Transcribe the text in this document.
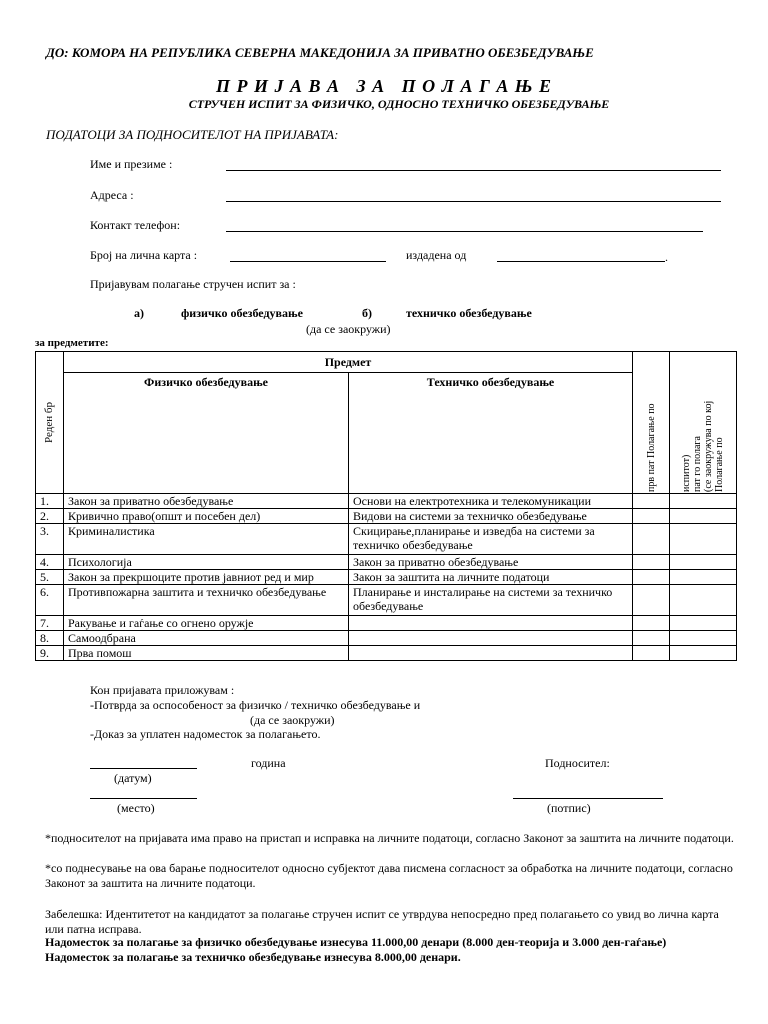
ДО: КОМОРА НА РЕПУБЛИКА СЕВЕРНА МАКЕДОНИЈА ЗА ПРИВАТНО ОБЕЗБЕДУВАЊЕ
П Р И Ј А В А   З А   П О Л А Г А Њ Е
СТРУЧЕН ИСПИТ ЗА ФИЗИЧКО, ОДНОСНО ТЕХНИЧКО ОБЕЗБЕДУВАЊЕ
ПОДАТОЦИ ЗА ПОДНОСИТЕЛОТ НА ПРИЈАВАТА:
Име и презиме :
Адреса :
Контакт телефон:
Број на лична карта :	издадена од	.
Пријавувам полагање стручен испит за :
а)	физичко обезбедување	б)	техничко обезбедување
(да се заокружи)
за предметите:
Реден бр	Предмет		прв пат Полагање по	испитот) пат го полага (се заокружува по кој Полагање по

	Физичко обезбедување	Техничко обезбедување		
1.	Закон за приватно обезбедување	Основи на електротехника и телекомуникации		
2.	Кривично право(општ и посебен дел)	Видови на системи за техничко обезбедување		
3.	Криминалистика	Скицирање,планирање и изведба на системи за техничко обезбедување		
4.	Психологија	Закон за приватно обезбедување		
5.	Закон за прекршоците против јавниот ред и мир	Закон за заштита на личните податоци		
6.	Противпожарна заштита и техничко обезбедување	Планирање и инсталирање на системи за техничко обезбедување		
7.	Ракување и гаѓање со огнено оружје			
8.	Самоодбрана			
9.	Прва помош			
Кон пријавата приложувам :
-Потврда за оспособеност за физичко / техничко обезбедување и
(да се заокружи)
-Доказ за уплатен надоместок за полагањето.
година
(датум)
Подносител:
(место)	(потпис)
*подносителот на пријавата има право на пристап и исправка на личните податоци, согласно Законот за заштита на личните податоци.
*со поднесување на ова барање подносителот односно субјектот дава писмена согласност за обработка на личните податоци, согласно Законот за заштита на личните податоци.
Забелешка: Идентитетот на кандидатот за полагање стручен испит се утврдува непосредно пред полагањето со увид во лична карта или патна исправа.
Надоместок за полагање за физичко обезбедување изнесува 11.000,00 денари (8.000 ден-теорија и 3.000 ден-гаѓање)
Надоместок за полагање за техничко обезбедување изнесува 8.000,00 денари.
